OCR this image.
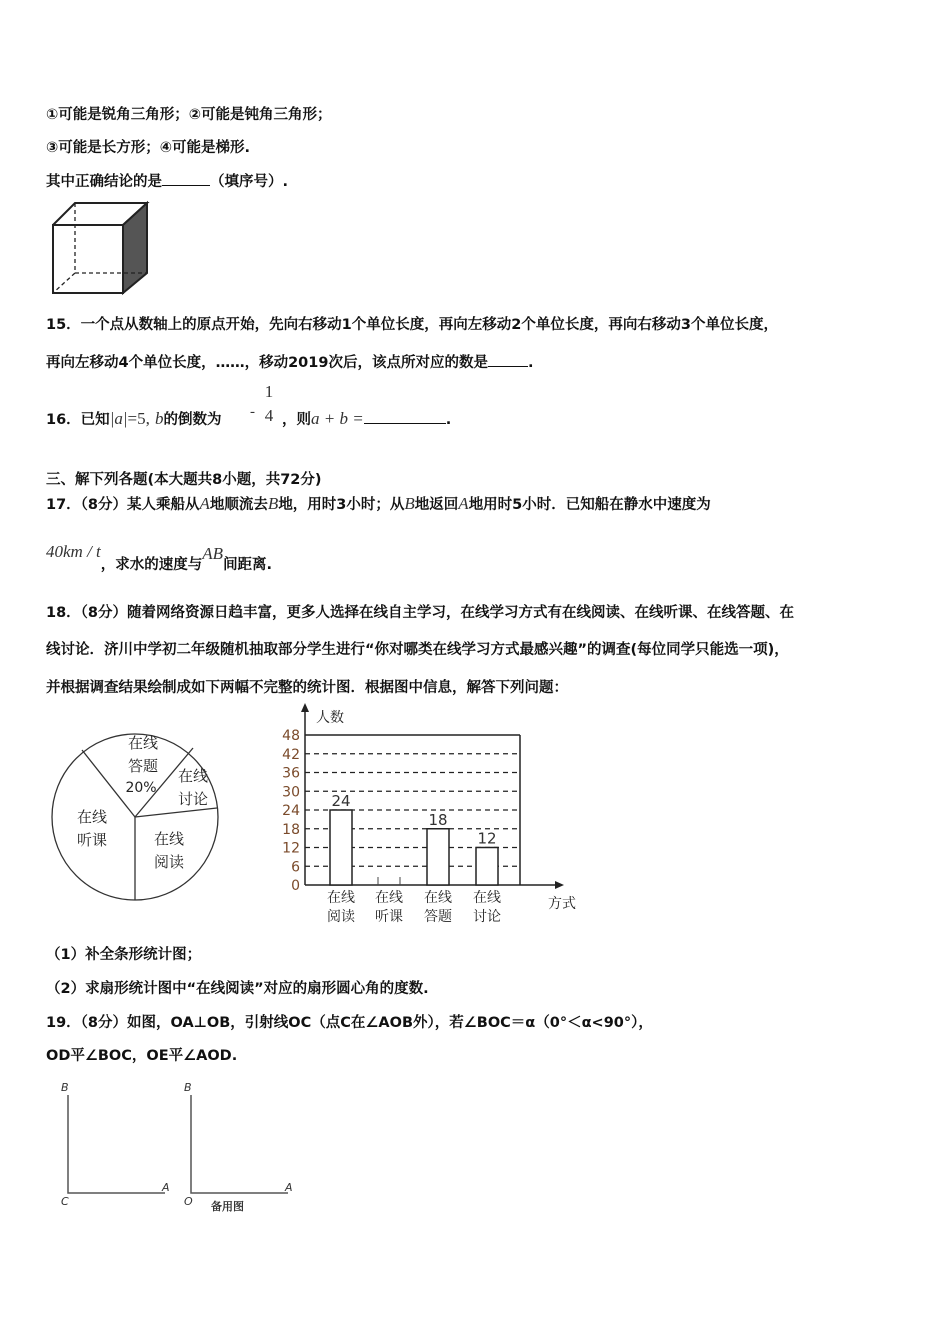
①可能是锐角三角形；②可能是钝角三角形；
③可能是长方形；④可能是梯形.
其中正确结论的是	（填序号）.
15．一个点从数轴上的原点开始，先向右移动1个单位长度，再向左移动2个单位长度，再向右移动3个单位长度，
再向左移动4个单位长度，……，移动2019次后，该点所对应的数是	.
16．已知|a|=5, b的倒数为 -
1
4 ，则a + b =	.
三、解下列各题(本大题共8小题，共72分)
17．（8分）某人乘船从A地顺流去B地，用时3小时；从B地返回A地用时5小时．已知船在静水中速度为
40km / t，求水的速度与AB间距离.
18．（8分）随着网络资源日趋丰富，更多人选择在线自主学习，在线学习方式有在线阅读、在线听课、在线答题、在
线讨论．济川中学初二年级随机抽取部分学生进行“你对哪类在线学习方式最感兴趣”的调查(每位同学只能选一项)，
并根据调查结果绘制成如下两幅不完整的统计图．根据图中信息，解答下列问题：
在线
答题
20%
在线
讨论
在线
阅读
在线
听课
0
6
12
18
24
30
36
42
48
人数
方式
24
在线
阅读
在线
听课
18
在线
答题
12
在线
讨论
（1）补全条形统计图；
（2）求扇形统计图中“在线阅读”对应的扇形圆心角的度数.
19．（8分）如图，OA⊥OB，引射线OC（点C在∠AOB外），若∠BOC＝α（0°＜α<90°），
OD平∠BOC，OE平∠AOD.
B
C
A
B
O
A
备用图
